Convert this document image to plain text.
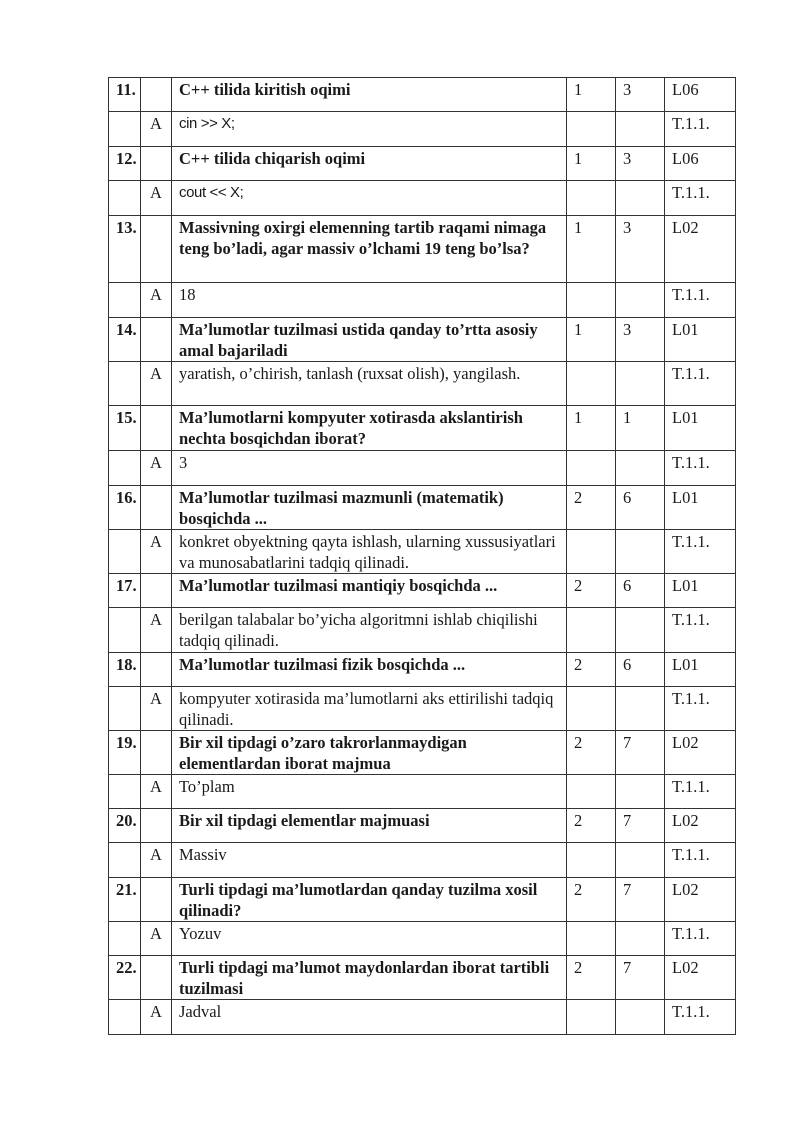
11.		C++ tilida kiritish oqimi	1	3	L06
	A	cin >> X;			T.1.1.
12.		C++ tilida chiqarish oqimi	1	3	L06
	A	cout << X;			T.1.1.
13.		Massivning oxirgi elemenning tartib raqami nimaga teng bo’ladi, agar massiv o’lchami 19 teng bo’lsa?	1	3	L02
	A	18			T.1.1.
14.		Ma’lumotlar tuzilmasi ustida qanday to’rtta asosiy amal bajariladi	1	3	L01
	A	yaratish, o’chirish, tanlash (ruxsat olish), yangilash.			T.1.1.
15.		Ma’lumotlarni kompyuter xotirasda akslantirish nechta bosqichdan iborat?	1	1	L01
	A	3			T.1.1.
16.		Ma’lumotlar tuzilmasi mazmunli (matematik) bosqichda ...	2	6	L01
	A	konkret obyektning qayta ishlash, ularning xussusiyatlari va munosabatlarini tadqiq qilinadi.			T.1.1.
17.		Ma’lumotlar tuzilmasi mantiqiy bosqichda ...	2	6	L01
	A	berilgan talabalar bo’yicha algoritmni ishlab chiqilishi tadqiq qilinadi.			T.1.1.
18.		Ma’lumotlar tuzilmasi fizik bosqichda ...	2	6	L01
	A	kompyuter xotirasida ma’lumotlarni aks ettirilishi tadqiq qilinadi.			T.1.1.
19.		Bir xil tipdagi o’zaro takrorlanmaydigan elementlardan iborat majmua	2	7	L02
	A	To’plam			T.1.1.
20.		Bir xil tipdagi elementlar majmuasi	2	7	L02
	A	Massiv			T.1.1.
21.		Turli tipdagi ma’lumotlardan qanday tuzilma xosil qilinadi?	2	7	L02
	A	Yozuv			T.1.1.
22.		Turli tipdagi ma’lumot maydonlardan iborat tartibli tuzilmasi	2	7	L02
	A	Jadval			T.1.1.
